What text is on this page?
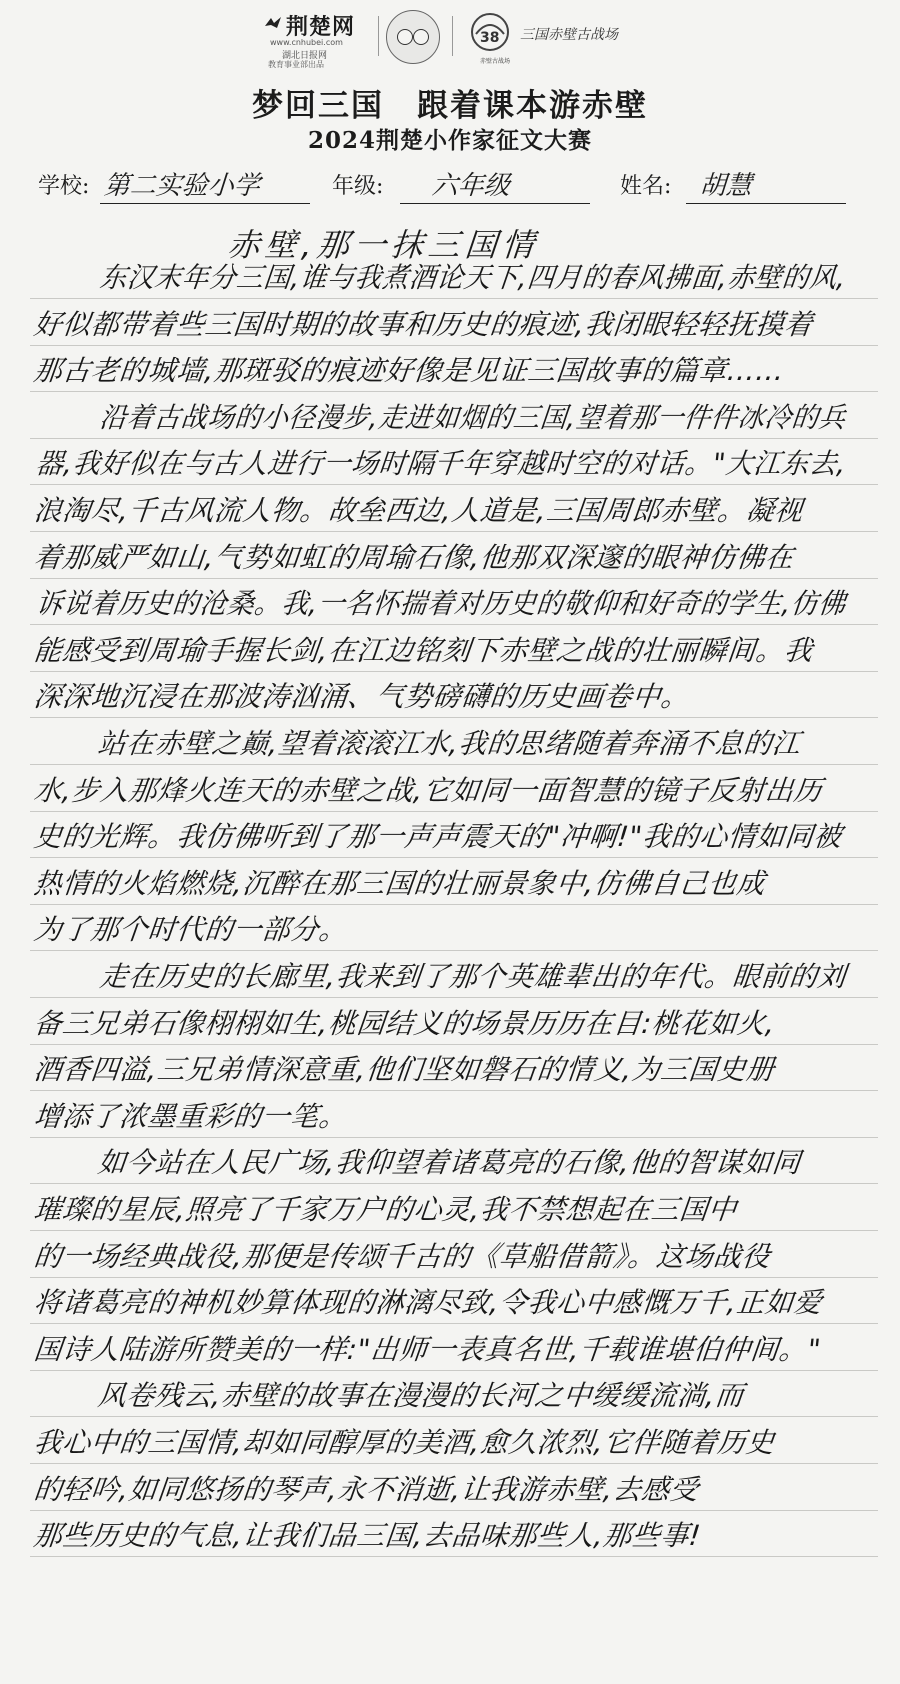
荆楚网
www.cnhubei.com
湖北日报网
教育事业部出品
38
赤壁古战场
三国赤壁古战场
梦回三国　跟着课本游赤壁
2024荆楚小作家征文大赛
学校: 第二实验小学	年级: 六年级	姓名: 胡慧
赤壁,那一抹三国情
东汉末年分三国,谁与我煮酒论天下,四月的春风拂面,赤壁的风,
好似都带着些三国时期的故事和历史的痕迹,我闭眼轻轻抚摸着
那古老的城墙,那斑驳的痕迹好像是见证三国故事的篇章……
沿着古战场的小径漫步,走进如烟的三国,望着那一件件冰冷的兵
器,我好似在与古人进行一场时隔千年穿越时空的对话。"大江东去,
浪淘尽,千古风流人物。故垒西边,人道是,三国周郎赤壁。凝视
着那威严如山,气势如虹的周瑜石像,他那双深邃的眼神仿佛在
诉说着历史的沧桑。我,一名怀揣着对历史的敬仰和好奇的学生,仿佛
能感受到周瑜手握长剑,在江边铭刻下赤壁之战的壮丽瞬间。我
深深地沉浸在那波涛汹涌、气势磅礴的历史画卷中。
站在赤壁之巅,望着滚滚江水,我的思绪随着奔涌不息的江
水,步入那烽火连天的赤壁之战,它如同一面智慧的镜子反射出历
史的光辉。我仿佛听到了那一声声震天的"冲啊!"我的心情如同被
热情的火焰燃烧,沉醉在那三国的壮丽景象中,仿佛自己也成
为了那个时代的一部分。
走在历史的长廊里,我来到了那个英雄辈出的年代。眼前的刘
备三兄弟石像栩栩如生,桃园结义的场景历历在目:桃花如火,
酒香四溢,三兄弟情深意重,他们坚如磐石的情义,为三国史册
增添了浓墨重彩的一笔。
如今站在人民广场,我仰望着诸葛亮的石像,他的智谋如同
璀璨的星辰,照亮了千家万户的心灵,我不禁想起在三国中
的一场经典战役,那便是传颂千古的《草船借箭》。这场战役
将诸葛亮的神机妙算体现的淋漓尽致,令我心中感慨万千,正如爱
国诗人陆游所赞美的一样:"出师一表真名世,千载谁堪伯仲间。"
风卷残云,赤壁的故事在漫漫的长河之中缓缓流淌,而
我心中的三国情,却如同醇厚的美酒,愈久浓烈,它伴随着历史
的轻吟,如同悠扬的琴声,永不消逝,让我游赤壁,去感受
那些历史的气息,让我们品三国,去品味那些人,那些事!
